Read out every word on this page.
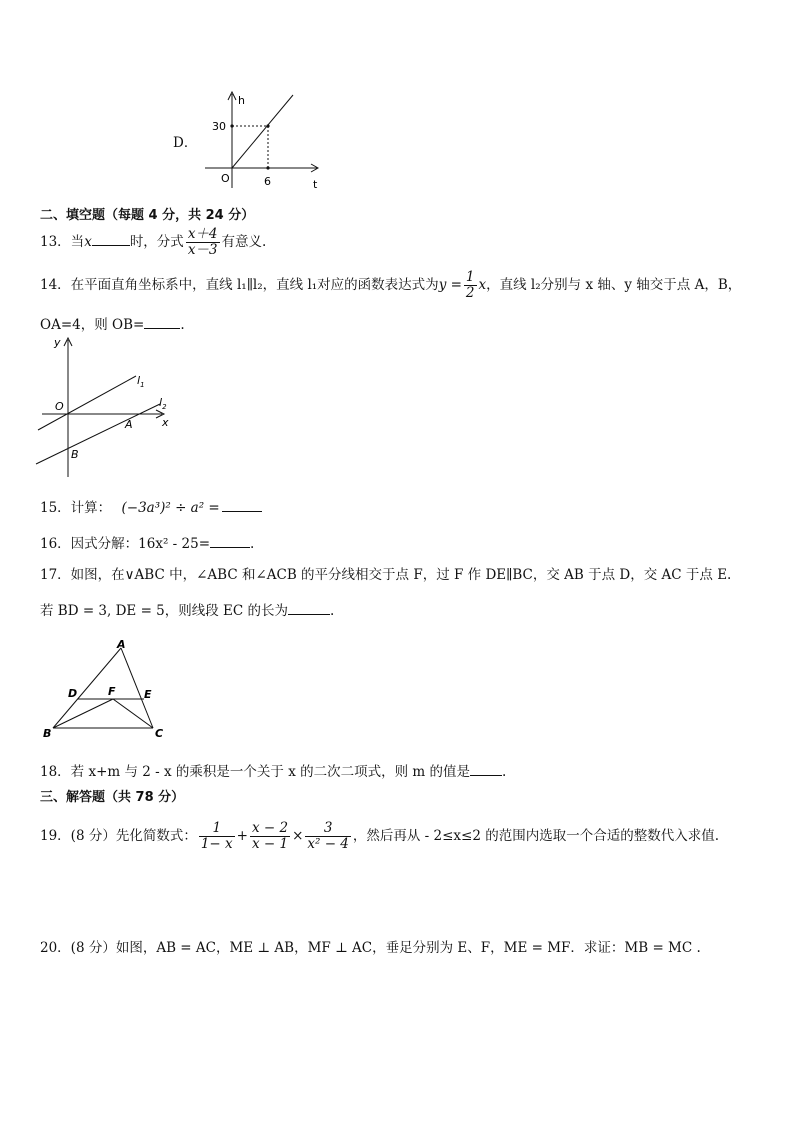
D．
h
30
O	6	t
二、填空题（每题 4 分，共 24 分）
13．当x	时，分式 $\frac{x+4}{x-3}$ 有意义.
14．在平面直角坐标系中，直线 l₁∥l₂，直线 l₁对应的函数表达式为$y = \frac{1}{2}$ x，直线 l₂分别与 x 轴、y 轴交于点 A，B，
OA=4，则 OB=	.
y
O
A	x
B
$l_1$
$l_2$
15．计算： (−3a³)² ÷ a² =
16．因式分解：16x² - 25=	.
17．如图，在∨ABC 中，∠ABC 和∠ACB 的平分线相交于点 F，过 F 作 DE∥BC，交 AB 于点 D，交 AC 于点 E.
若 BD = 3, DE = 5，则线段 EC 的长为	.
A
D	F	E
B	C
18．若 x+m 与 2 - x 的乘积是一个关于 x 的二次二项式，则 m 的值是 .
三、解答题（共 78 分）
19．(8 分）先化简数式： $\frac{1}{1- x} + \frac{x - 2}{x - 1} \times \frac{3}{\text{x² − 4}}$ ，然后再从 - 2≤x≤2 的范围内选取一个合适的整数代入求值.
20．(8 分）如图，AB = AC，ME ⊥ AB，MF ⊥ AC，垂足分别为 E、F，ME = MF．求证：MB = MC .
